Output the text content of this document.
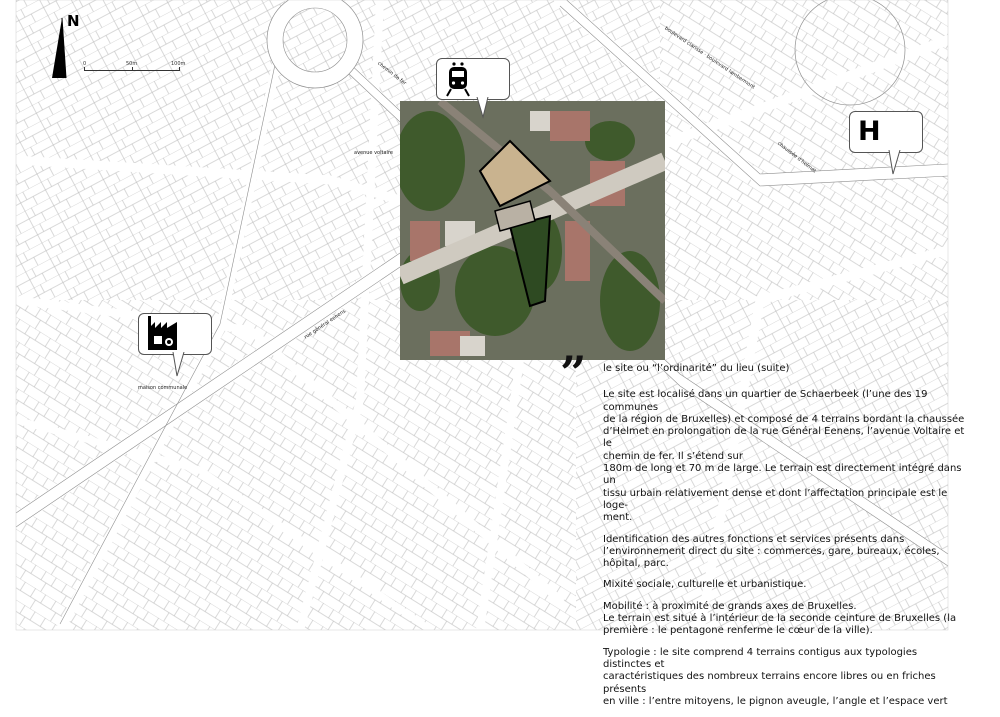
N
0	50m	100m
avenue voltaire
chemin de fer
chaussée d'helmet
boulevard clarisse · boulevard lambermont
rue général eenens
maison communale
H
” le site ou “l’ordinarité” du lieu (suite)

Le site est localisé dans un quartier de Schaerbeek (l’une des 19 communes
de la région de Bruxelles) et composé de 4 terrains bordant la chaussée
d’Helmet en prolongation de la rue Général Eenens, l’avenue Voltaire et le
chemin de fer. Il s’étend sur
180m de long et 70 m de large. Le terrain est directement intégré dans un
tissu urbain relativement dense et dont l’affectation principale est le loge-
ment.

Identification des autres fonctions et services présents dans
l’environnement direct du site : commerces, gare, bureaux, écoles,
hôpital, parc.

Mixité sociale, culturelle et urbanistique.

Mobilité : à proximité de grands axes de Bruxelles.
Le terrain est situé à l’intérieur de la seconde ceinture de Bruxelles (la
première : le pentagone renferme le cœur de la ville).

Typologie : le site comprend 4 terrains contigus aux typologies distinctes et
caractéristiques des nombreux terrains encore libres ou en friches présents
en ville : l’entre mitoyens, le pignon aveugle, l’angle et l’espace vert
